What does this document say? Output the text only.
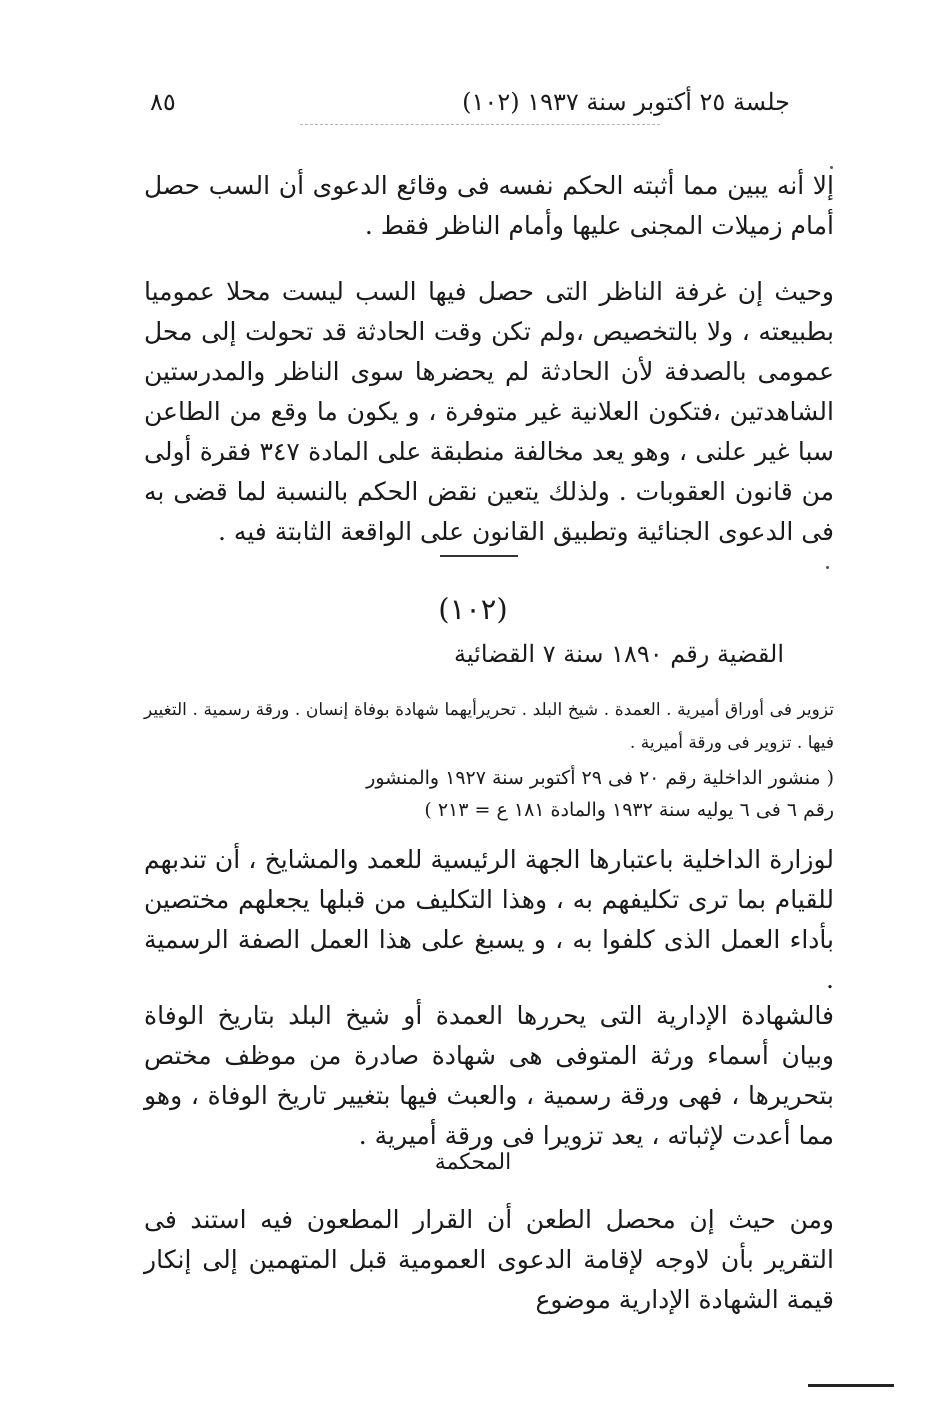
جلسة ٢٥ أكتوبر سنة ١٩٣٧ (١٠٢)
٨٥

إلا أنه يبين مما أثبته الحكم نفسه فى وقائع الدعوى أن السب حصل أمام زميلات المجنى عليها وأمام الناظر فقط .

وحيث إن غرفة الناظر التى حصل فيها السب ليست محلا عموميا بطبيعته ، ولا بالتخصيص ،ولم تكن وقت الحادثة قد تحولت إلى محل عمومى بالصدفة لأن الحادثة لم يحضرها سوى الناظر والمدرستين الشاهدتين ،فتكون العلانية غير متوفرة ، و يكون ما وقع من الطاعن سبا غير علنى ، وهو يعد مخالفة منطبقة على المادة ٣٤٧ فقرة أولى من قانون العقوبات . ولذلك يتعين نقض الحكم بالنسبة لما قضى به فى الدعوى الجنائية وتطبيق القانون على الواقعة الثابتة فيه .

(١٠٢)

القضية رقم ١٨٩٠ سنة ٧ القضائية

تزوير فى أوراق أميرية . العمدة . شيخ البلد . تحريرأيهما شهادة بوفاة إنسان . ورقة رسمية . التغيير فيها . تزوير فى ورقة أميرية .

( منشور الداخلية رقم ٢٠ فى ٢٩ أكتوبر سنة ١٩٢٧ والمنشور
رقم ٦ فى ٦ يوليه سنة ١٩٣٢ والمادة ١٨١ ع = ٢١٣ )

لوزارة الداخلية باعتبارها الجهة الرئيسية للعمد والمشايخ ، أن تندبهم للقيام بما ترى تكليفهم به ، وهذا التكليف من قبلها يجعلهم مختصين بأداء العمل الذى كلفوا به ، و يسبغ على هذا العمل الصفة الرسمية .

فالشهادة الإدارية التى يحررها العمدة أو شيخ البلد بتاريخ الوفاة وبيان أسماء ورثة المتوفى هى شهادة صادرة من موظف مختص بتحريرها ، فهى ورقة رسمية ، والعبث فيها بتغيير تاريخ الوفاة ، وهو مما أعدت لإثباته ، يعد تزويرا فى ورقة أميرية .

المحكمة

ومن حيث إن محصل الطعن أن القرار المطعون فيه استند فى التقرير بأن لاوجه لإقامة الدعوى العمومية قبل المتهمين إلى إنكار قيمة الشهادة الإدارية موضوع
